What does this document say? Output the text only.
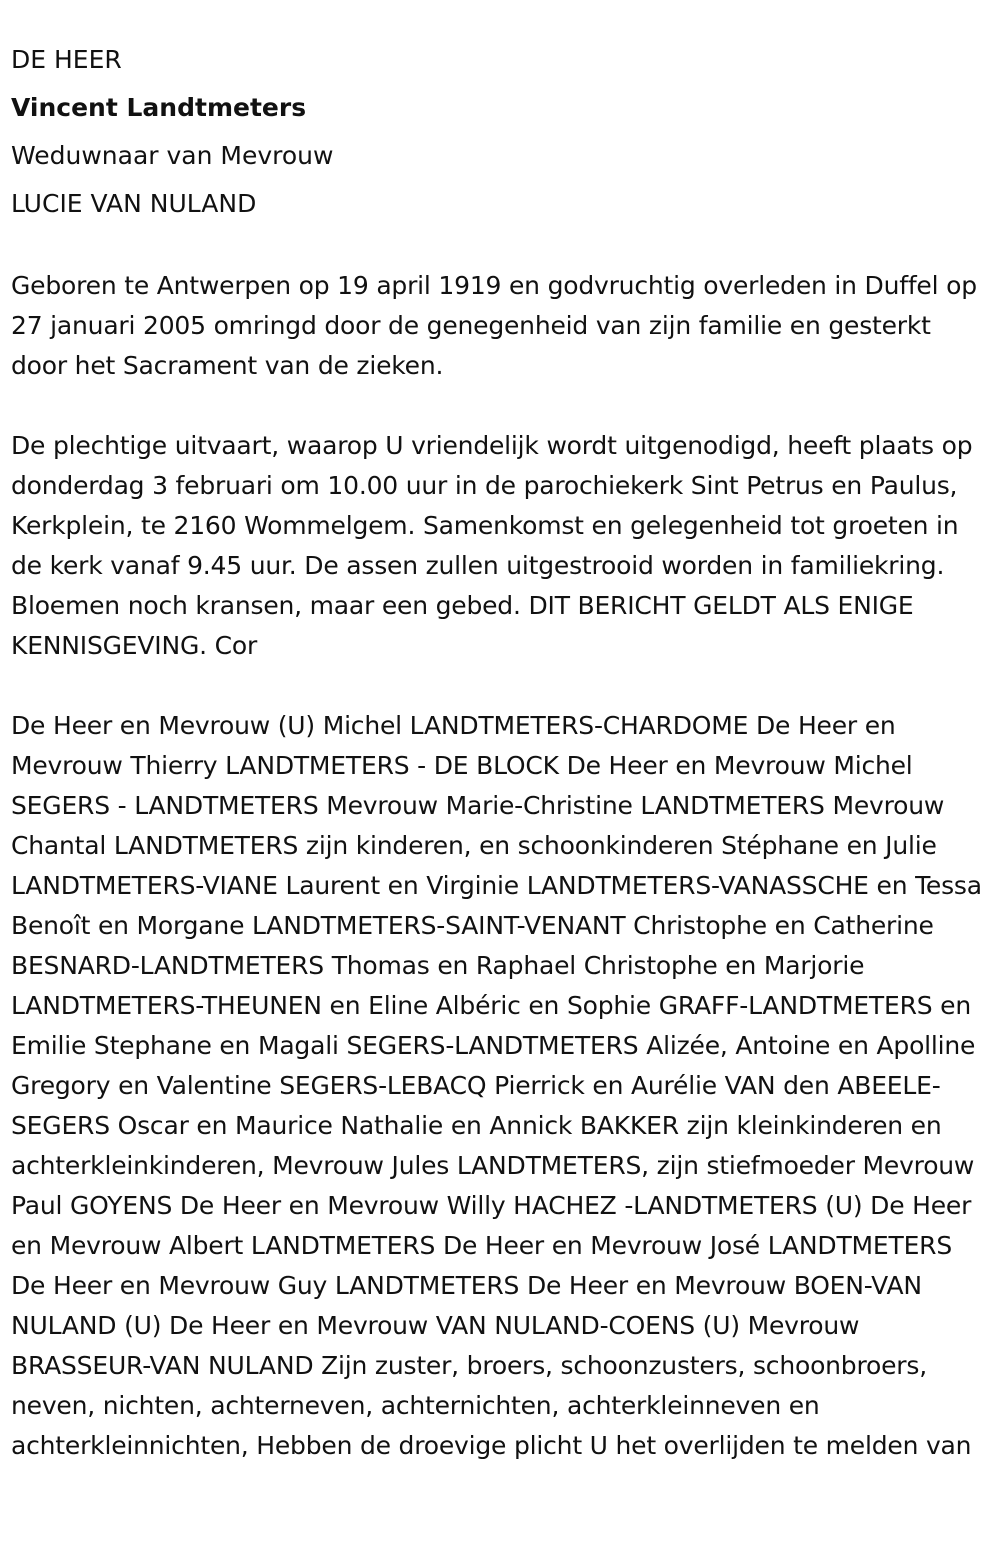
DE HEER

Vincent Landtmeters

Weduwnaar van Mevrouw

LUCIE VAN NULAND

Geboren te Antwerpen op 19 april 1919 en godvruchtig overleden in Duffel op 27 januari 2005 omringd door de genegenheid van zijn familie en gesterkt door het Sacrament van de zieken.

De plechtige uitvaart, waarop U vriendelijk wordt uitgenodigd, heeft plaats op donderdag 3 februari om 10.00 uur in de parochiekerk Sint Petrus en Paulus, Kerkplein, te 2160 Wommelgem. Samenkomst en gelegenheid tot groeten in de kerk vanaf 9.45 uur. De assen zullen uitgestrooid worden in familiekring. Bloemen noch kransen, maar een gebed. DIT BERICHT GELDT ALS ENIGE KENNISGEVING. Cor

De Heer en Mevrouw (U) Michel LANDTMETERS-CHARDOME De Heer en Mevrouw Thierry LANDTMETERS - DE BLOCK De Heer en Mevrouw Michel SEGERS - LANDTMETERS Mevrouw Marie-Christine LANDTMETERS Mevrouw Chantal LANDTMETERS zijn kinderen, en schoonkinderen Stéphane en Julie LANDTMETERS-VIANE Laurent en Virginie LANDTMETERS-VANASSCHE en Tessa Benoît en Morgane LANDTMETERS-SAINT-VENANT Christophe en Catherine BESNARD-LANDTMETERS Thomas en Raphael Christophe en Marjorie LANDTMETERS-THEUNEN en Eline Albéric en Sophie GRAFF-LANDTMETERS en Emilie Stephane en Magali SEGERS-LANDTMETERS Alizée, Antoine en Apolline Gregory en Valentine SEGERS-LEBACQ Pierrick en Aurélie VAN den ABEELE-SEGERS Oscar en Maurice Nathalie en Annick BAKKER zijn kleinkinderen en achterkleinkinderen, Mevrouw Jules LANDTMETERS, zijn stiefmoeder Mevrouw Paul GOYENS De Heer en Mevrouw Willy HACHEZ -LANDTMETERS (U) De Heer en Mevrouw Albert LANDTMETERS De Heer en Mevrouw José LANDTMETERS De Heer en Mevrouw Guy LANDTMETERS De Heer en Mevrouw BOEN-VAN NULAND (U) De Heer en Mevrouw VAN NULAND-COENS (U) Mevrouw BRASSEUR-VAN NULAND Zijn zuster, broers, schoonzusters, schoonbroers, neven, nichten, achterneven, achternichten, achterkleinneven en achterkleinnichten, Hebben de droevige plicht U het overlijden te melden van
